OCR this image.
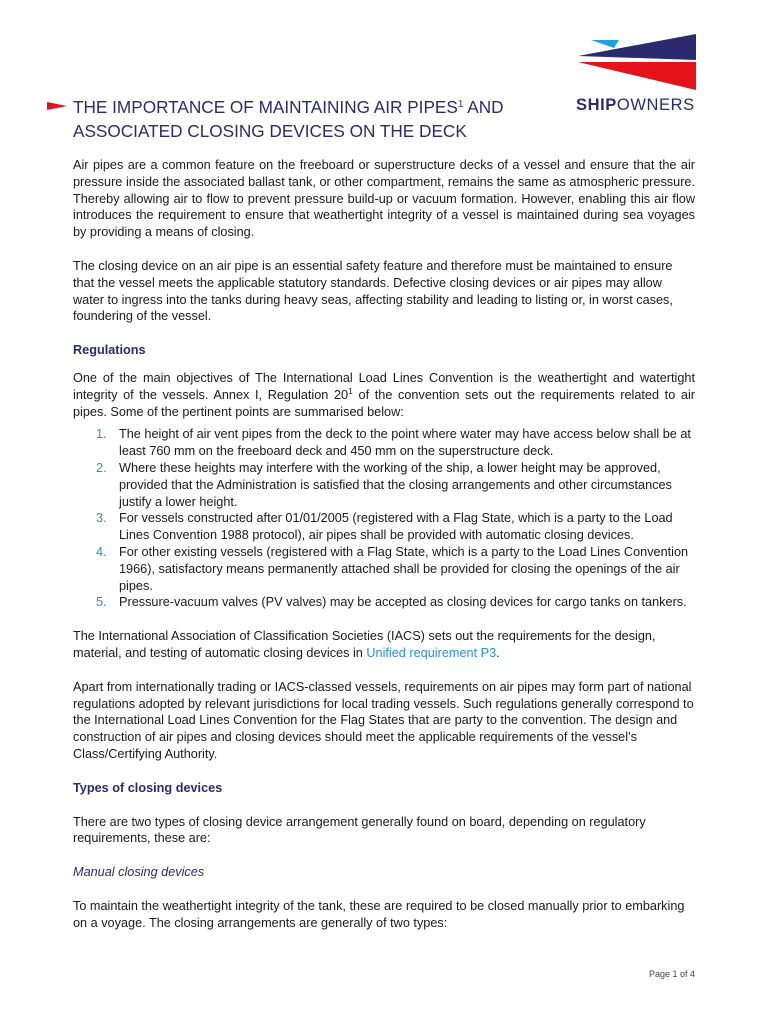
SHIPOWNERS
THE IMPORTANCE OF MAINTAINING AIR PIPES$^1$ AND
ASSOCIATED CLOSING DEVICES ON THE DECK

Air pipes are a common feature on the freeboard or superstructure decks of a vessel and ensure that the air pressure inside the associated ballast tank, or other compartment, remains the same as atmospheric pressure. Thereby allowing air to flow to prevent pressure build-up or vacuum formation. However, enabling this air flow introduces the requirement to ensure that weathertight integrity of a vessel is maintained during sea voyages by providing a means of closing.

The closing device on an air pipe is an essential safety feature and therefore must be maintained to ensure that the vessel meets the applicable statutory standards. Defective closing devices or air pipes may allow water to ingress into the tanks during heavy seas, affecting stability and leading to listing or, in worst cases, foundering of the vessel.

Regulations

One of the main objectives of The International Load Lines Convention is the weathertight and watertight integrity of the vessels. Annex I, Regulation 20$^1$ of the convention sets out the requirements related to air pipes. Some of the pertinent points are summarised below:

1. The height of air vent pipes from the deck to the point where water may have access below shall be at least 760 mm on the freeboard deck and 450 mm on the superstructure deck.
2. Where these heights may interfere with the working of the ship, a lower height may be approved, provided that the Administration is satisfied that the closing arrangements and other circumstances justify a lower height.
3. For vessels constructed after 01/01/2005 (registered with a Flag State, which is a party to the Load Lines Convention 1988 protocol), air pipes shall be provided with automatic closing devices.
4. For other existing vessels (registered with a Flag State, which is a party to the Load Lines Convention 1966), satisfactory means permanently attached shall be provided for closing the openings of the air pipes.
5. Pressure-vacuum valves (PV valves) may be accepted as closing devices for cargo tanks on tankers.

The International Association of Classification Societies (IACS) sets out the requirements for the design, material, and testing of automatic closing devices in Unified requirement P3.

Apart from internationally trading or IACS-classed vessels, requirements on air pipes may form part of national regulations adopted by relevant jurisdictions for local trading vessels. Such regulations generally correspond to the International Load Lines Convention for the Flag States that are party to the convention. The design and construction of air pipes and closing devices should meet the applicable requirements of the vessel’s Class/Certifying Authority.

Types of closing devices

There are two types of closing device arrangement generally found on board, depending on regulatory requirements, these are:

Manual closing devices

To maintain the weathertight integrity of the tank, these are required to be closed manually prior to embarking on a voyage. The closing arrangements are generally of two types:

Page 1 of 4
